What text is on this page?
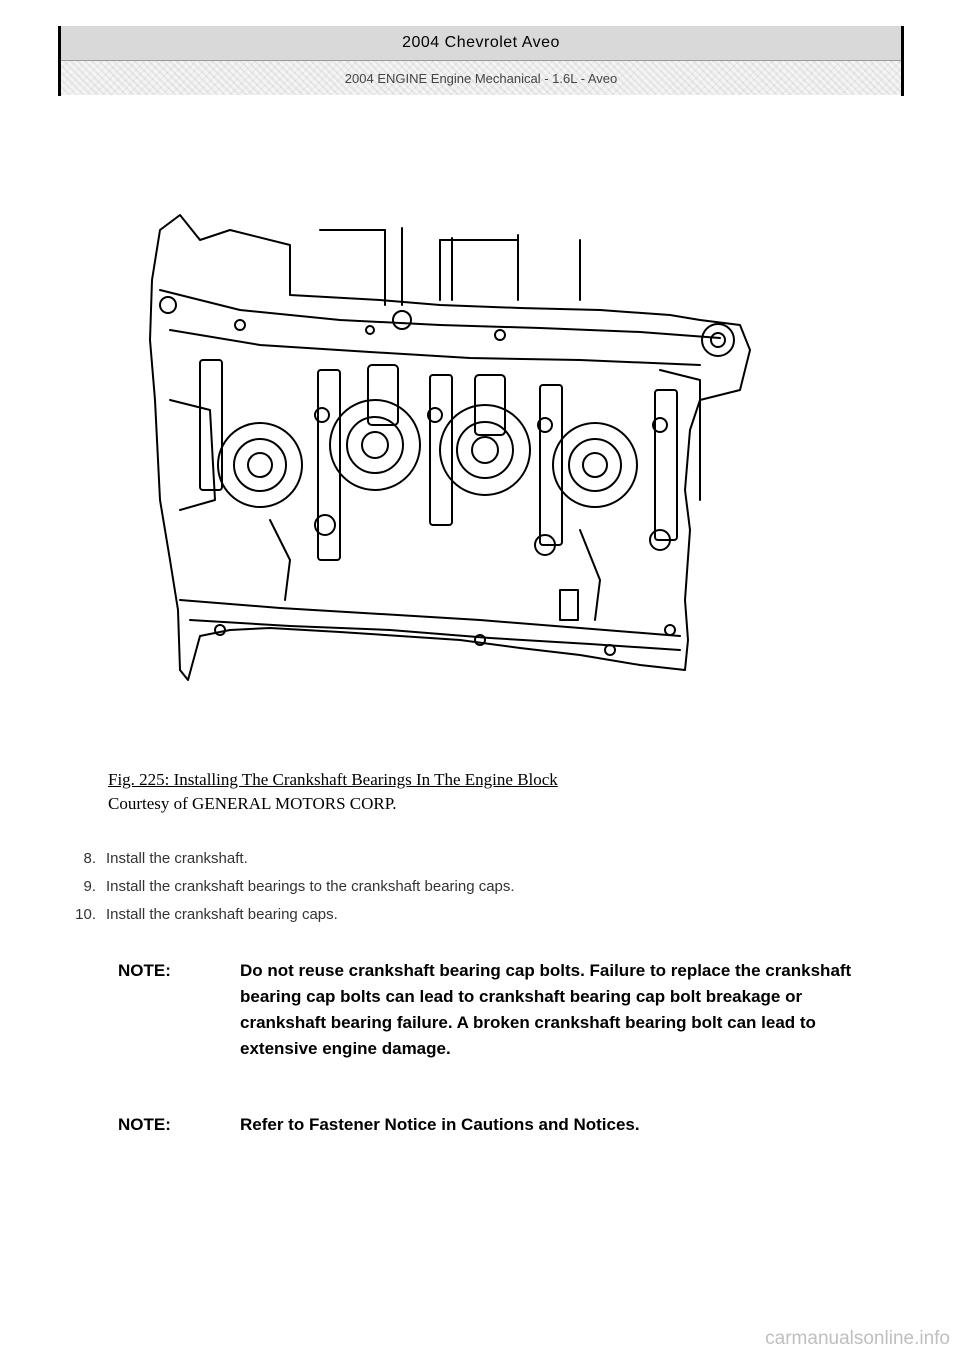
2004 Chevrolet Aveo
2004 ENGINE Engine Mechanical - 1.6L - Aveo
Fig. 225: Installing The Crankshaft Bearings In The Engine Block
Courtesy of GENERAL MOTORS CORP.
8. Install the crankshaft.
9. Install the crankshaft bearings to the crankshaft bearing caps.
10. Install the crankshaft bearing caps.
NOTE:	Do not reuse crankshaft bearing cap bolts. Failure to replace the crankshaft bearing cap bolts can lead to crankshaft bearing cap bolt breakage or crankshaft bearing failure. A broken crankshaft bearing bolt can lead to extensive engine damage.
NOTE:	Refer to Fastener Notice in Cautions and Notices.
carmanualsonline.info
